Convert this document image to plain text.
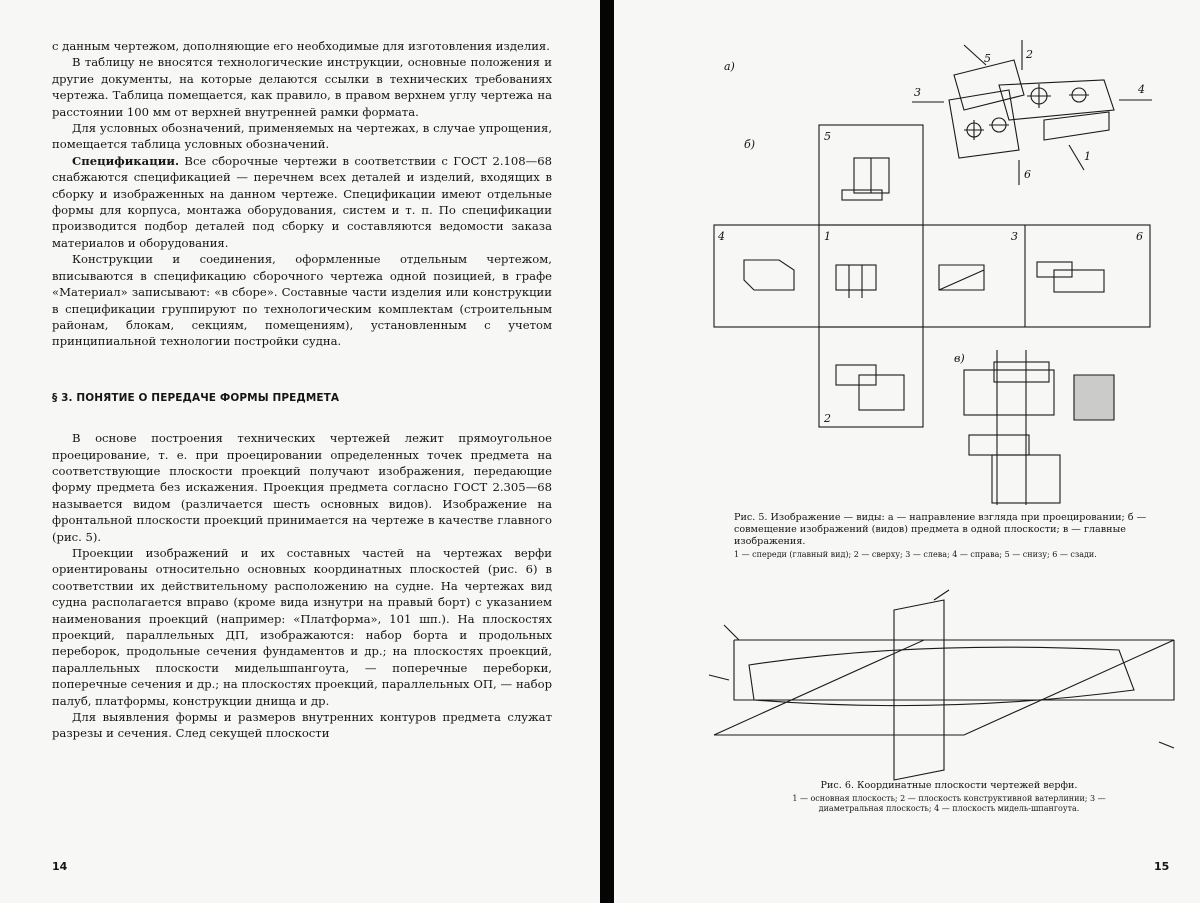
с данным чертежом, дополняющие его необходимые для изготовления изделия.

В таблицу не вносятся технологические инструкции, основные положения и другие документы, на которые делаются ссылки в технических требованиях чертежа. Таблица помещается, как правило, в правом верхнем углу чертежа на расстоянии 100 мм от верхней внутренней рамки формата.

Для условных обозначений, применяемых на чертежах, в случае упрощения, помещается таблица условных обозначений.

Спецификации. Все сборочные чертежи в соответствии с ГОСТ 2.108—68 снабжаются спецификацией — перечнем всех деталей и изделий, входящих в сборку и изображенных на данном чертеже. Спецификации имеют отдельные формы для корпуса, монтажа оборудования, систем и т. п. По спецификации производится подбор деталей под сборку и составляются ведомости заказа материалов и оборудования.

Конструкции и соединения, оформленные отдельным чертежом, вписываются в спецификацию сборочного чертежа одной позицией, в графе «Материал» записывают: «в сборе». Составные части изделия или конструкции в спецификации группируют по технологическим комплектам (строительным районам, блокам, секциям, помещениям), установленным с учетом принципиальной технологии постройки судна.

§ 3. ПОНЯТИЕ О ПЕРЕДАЧЕ ФОРМЫ ПРЕДМЕТА

В основе построения технических чертежей лежит прямоугольное проецирование, т. е. при проецировании определенных точек предмета на соответствующие плоскости проекций получают изображения, передающие форму предмета без искажения. Проекция предмета согласно ГОСТ 2.305—68 называется видом (различается шесть основных видов). Изображение на фронтальной плоскости проекций принимается на чертеже в качестве главного (рис. 5).

Проекции изображений и их составных частей на чертежах верфи ориентированы относительно основных координатных плоскостей (рис. 6) в соответствии их действительному расположению на судне. На чертежах вид судна располагается вправо (кроме вида изнутри на правый борт) с указанием наименования проекций (например: «Платформа», 101 шп.). На плоскостях проекций, параллельных ДП, изображаются: набор борта и продольных переборок, продольные сечения фундаментов и др.; на плоскостях проекций, параллельных плоскости мидельшпангоута, — поперечные переборки, поперечные сечения и др.; на плоскостях проекций, параллельных ОП, — набор палуб, платформы, конструкции днища и др.

Для выявления формы и размеров внутренних контуров предмета служат разрезы и сечения. След секущей плоскости

14
а)
5	2
3	4
1
6
б)
5
4	1	3	6
2
в)
Рис. 5. Изображение — виды: а — направление взгляда при проецировании; б — совмещение изображений (видов) предмета в одной плоскости; в — главные изображения.
1 — спереди (главный вид); 2 — сверху; 3 — слева; 4 — справа; 5 — снизу; 6 — сзади.
Рис. 6. Координатные плоскости чертежей верфи.
1 — основная плоскость; 2 — плоскость конструктивной ватерлинии; 3 — диаметральная плоскость; 4 — плоскость мидель-шпангоута.
15
